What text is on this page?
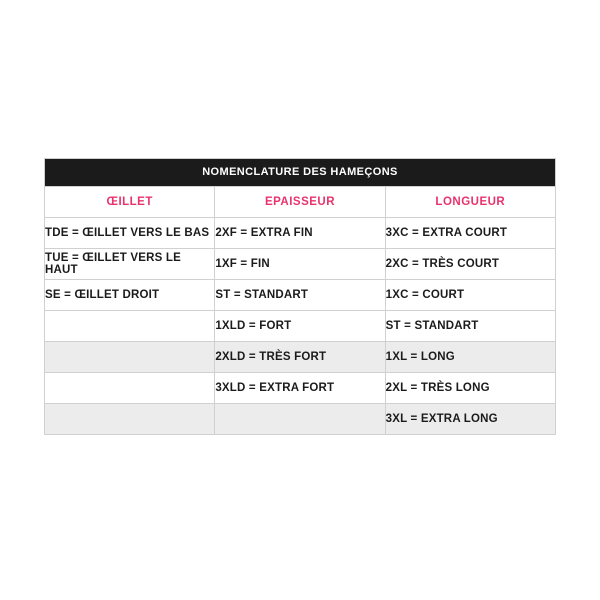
NOMENCLATURE DES HAMEÇONS		
ŒILLET	EPAISSEUR	LONGUEUR
TDE = ŒILLET VERS LE BAS	2XF = EXTRA FIN	3XC = EXTRA COURT
TUE = ŒILLET VERS LE HAUT	1XF = FIN	2XC = TRÈS COURT
SE = ŒILLET DROIT	ST = STANDART	1XC = COURT
	1XLD = FORT	ST = STANDART
	2XLD = TRÈS FORT	1XL = LONG
	3XLD = EXTRA FORT	2XL = TRÈS LONG
		3XL = EXTRA LONG
